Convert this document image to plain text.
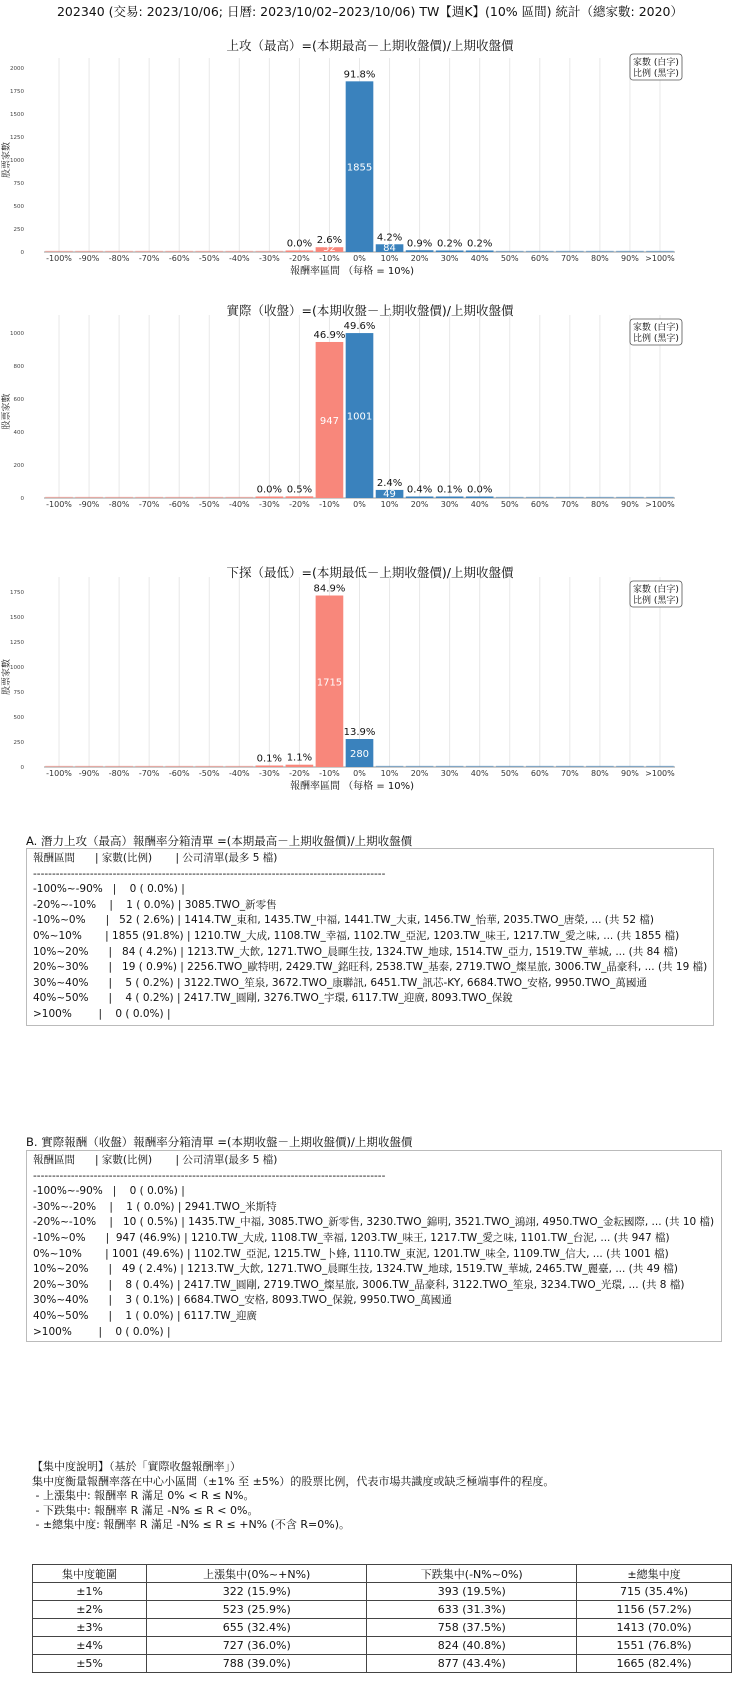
202340 (交易: 2023/10/06; 日曆: 2023/10/02–2023/10/06) TW【週K】(10% 區間) 統計（總家數: 2020）
上攻（最高）=(本期最高－上期收盤價)/上期收盤價
0
250
500
750
1000
1250
1500
1750
2000
股票家數
-100% -90% -80% -70% -60% -50% -40% -30%
0.0%
-20%
2.6%
52
-10%
91.8%
1855
0%
4.2%
84
10%
0.9%
20%
0.2%
30%
0.2%
40% 50% 60% 70% 80% 90% >100%
報酬率區間 （每格 = 10%)
家數 (白字)
比例 (黑字)
實際（收盤）=(本期收盤－上期收盤價)/上期收盤價
0
200
400
600
800
1000
股票家數
-100% -90% -80% -70% -60% -50% -40%
0.0%
-30%
0.5%
-20%
46.9%
947
-10%
49.6%
1001
0%
2.4%
49
10%
0.4%
20%
0.1%
30%
0.0%
40% 50% 60% 70% 80% 90% >100%
家數 (白字)
比例 (黑字)
下探（最低）=(本期最低－上期收盤價)/上期收盤價
0
250
500
750
1000
1250
1500
1750
股票家數
-100% -90% -80% -70% -60% -50% -40%
0.1%
-30%
1.1%
-20%
84.9%
1715
-10%
13.9%
280
0% 10% 20% 30% 40% 50% 60% 70% 80% 90% >100%
報酬率區間 （每格 = 10%)
家數 (白字)
比例 (黑字)
A. 潛力上攻（最高）報酬率分箱清單 =(本期最高－上期收盤價)/上期收盤價
報酬區間      | 家數(比例)       | 公司清單(最多 5 檔)
---------------------------------------------------------------------------------------------
-100%~-90%   |    0 ( 0.0%) |
-20%~-10%    |    1 ( 0.0%) | 3085.TWO_新零售
-10%~0%      |   52 ( 2.6%) | 1414.TW_東和, 1435.TW_中福, 1441.TW_大東, 1456.TW_怡華, 2035.TWO_唐榮, ... (共 52 檔)
0%~10%       | 1855 (91.8%) | 1210.TW_大成, 1108.TW_幸福, 1102.TW_亞泥, 1203.TW_味王, 1217.TW_愛之味, ... (共 1855 檔)
10%~20%      |   84 ( 4.2%) | 1213.TW_大飲, 1271.TWO_晨暉生技, 1324.TW_地球, 1514.TW_亞力, 1519.TW_華城, ... (共 84 檔)
20%~30%      |   19 ( 0.9%) | 2256.TWO_歐特明, 2429.TW_銘旺科, 2538.TW_基泰, 2719.TWO_燦星旅, 3006.TW_晶豪科, ... (共 19 檔)
30%~40%      |    5 ( 0.2%) | 3122.TWO_笙泉, 3672.TWO_康聯訊, 6451.TW_訊芯-KY, 6684.TWO_安格, 9950.TWO_萬國通
40%~50%      |    4 ( 0.2%) | 2417.TW_圓剛, 3276.TWO_宇環, 6117.TW_迎廣, 8093.TWO_保銳
>100%        |    0 ( 0.0%) |
B. 實際報酬（收盤）報酬率分箱清單 =(本期收盤－上期收盤價)/上期收盤價
報酬區間      | 家數(比例)       | 公司清單(最多 5 檔)
---------------------------------------------------------------------------------------------
-100%~-90%   |    0 ( 0.0%) |
-30%~-20%    |    1 ( 0.0%) | 2941.TWO_米斯特
-20%~-10%    |   10 ( 0.5%) | 1435.TW_中福, 3085.TWO_新零售, 3230.TWO_錦明, 3521.TWO_鴻翊, 4950.TWO_金耘國際, ... (共 10 檔)
-10%~0%      |  947 (46.9%) | 1210.TW_大成, 1108.TW_幸福, 1203.TW_味王, 1217.TW_愛之味, 1101.TW_台泥, ... (共 947 檔)
0%~10%       | 1001 (49.6%) | 1102.TW_亞泥, 1215.TW_卜蜂, 1110.TW_東泥, 1201.TW_味全, 1109.TW_信大, ... (共 1001 檔)
10%~20%      |   49 ( 2.4%) | 1213.TW_大飲, 1271.TWO_晨暉生技, 1324.TW_地球, 1519.TW_華城, 2465.TW_麗臺, ... (共 49 檔)
20%~30%      |    8 ( 0.4%) | 2417.TW_圓剛, 2719.TWO_燦星旅, 3006.TW_晶豪科, 3122.TWO_笙泉, 3234.TWO_光環, ... (共 8 檔)
30%~40%      |    3 ( 0.1%) | 6684.TWO_安格, 8093.TWO_保銳, 9950.TWO_萬國通
40%~50%      |    1 ( 0.0%) | 6117.TW_迎廣
>100%        |    0 ( 0.0%) |
【集中度說明】（基於「實際收盤報酬率」）
集中度衡量報酬率落在中心小區間（±1% 至 ±5%）的股票比例，代表市場共識度或缺乏極端事件的程度。
- 上漲集中: 報酬率 R 滿足 0% < R ≤ N%。
- 下跌集中: 報酬率 R 滿足 -N% ≤ R < 0%。
- ±總集中度: 報酬率 R 滿足 -N% ≤ R ≤ +N% (不含 R=0%)。
集中度範圍	上漲集中(0%~+N%)	下跌集中(-N%~0%)	±總集中度
±1%	322 (15.9%)	393 (19.5%)	715 (35.4%)
±2%	523 (25.9%)	633 (31.3%)	1156 (57.2%)
±3%	655 (32.4%)	758 (37.5%)	1413 (70.0%)
±4%	727 (36.0%)	824 (40.8%)	1551 (76.8%)
±5%	788 (39.0%)	877 (43.4%)	1665 (82.4%)
